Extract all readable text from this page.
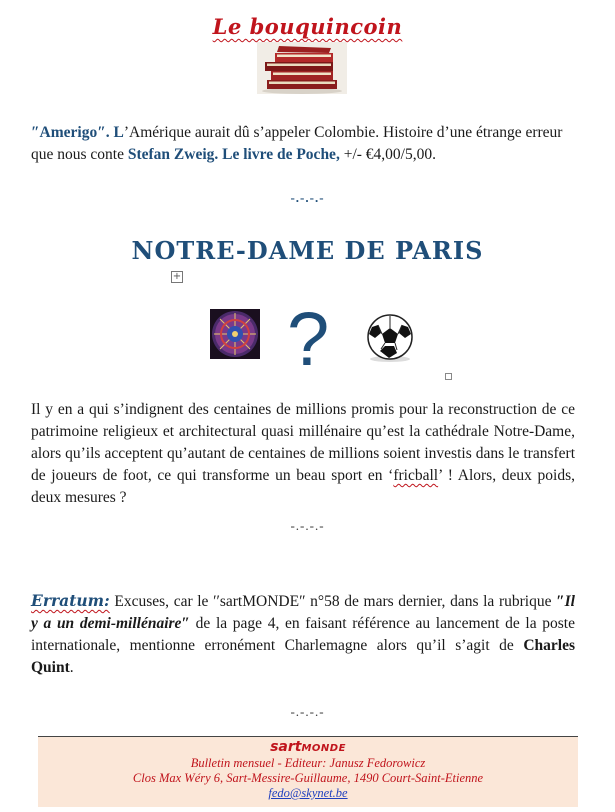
Le bouquincoin
″Amerigo″. L’Amérique aurait dû s’appeler Colombie. Histoire d’une étrange erreur que nous conte Stefan Zweig. Le livre de Poche, +/- €4,00/5,00.
-.-.-.-
NOTRE-DAME DE PARIS
+
?
Il y en a qui s’indignent des centaines de millions promis pour la reconstruction de ce patrimoine religieux et architectural quasi millénaire qu’est la cathédrale Notre-Dame, alors qu’ils acceptent qu’autant de centaines de millions soient investis dans le transfert de joueurs de foot, ce qui transforme un beau sport en ‘fricball’ ! Alors, deux poids, deux mesures ?
-.-.-.-
Erratum: Excuses, car le ′′sartMONDE″ n°58 de mars dernier, dans la rubrique ″Il y a un demi-millénaire″ de la page 4, en faisant référence au lancement de la poste internationale, mentionne erronément Charlemagne alors qu’il s’agit de Charles Quint.
-.-.-.-
sartMONDE
Bulletin mensuel - Editeur: Janusz Fedorowicz
Clos Max Wéry 6, Sart-Messire-Guillaume, 1490 Court-Saint-Etienne
fedo@skynet.be
